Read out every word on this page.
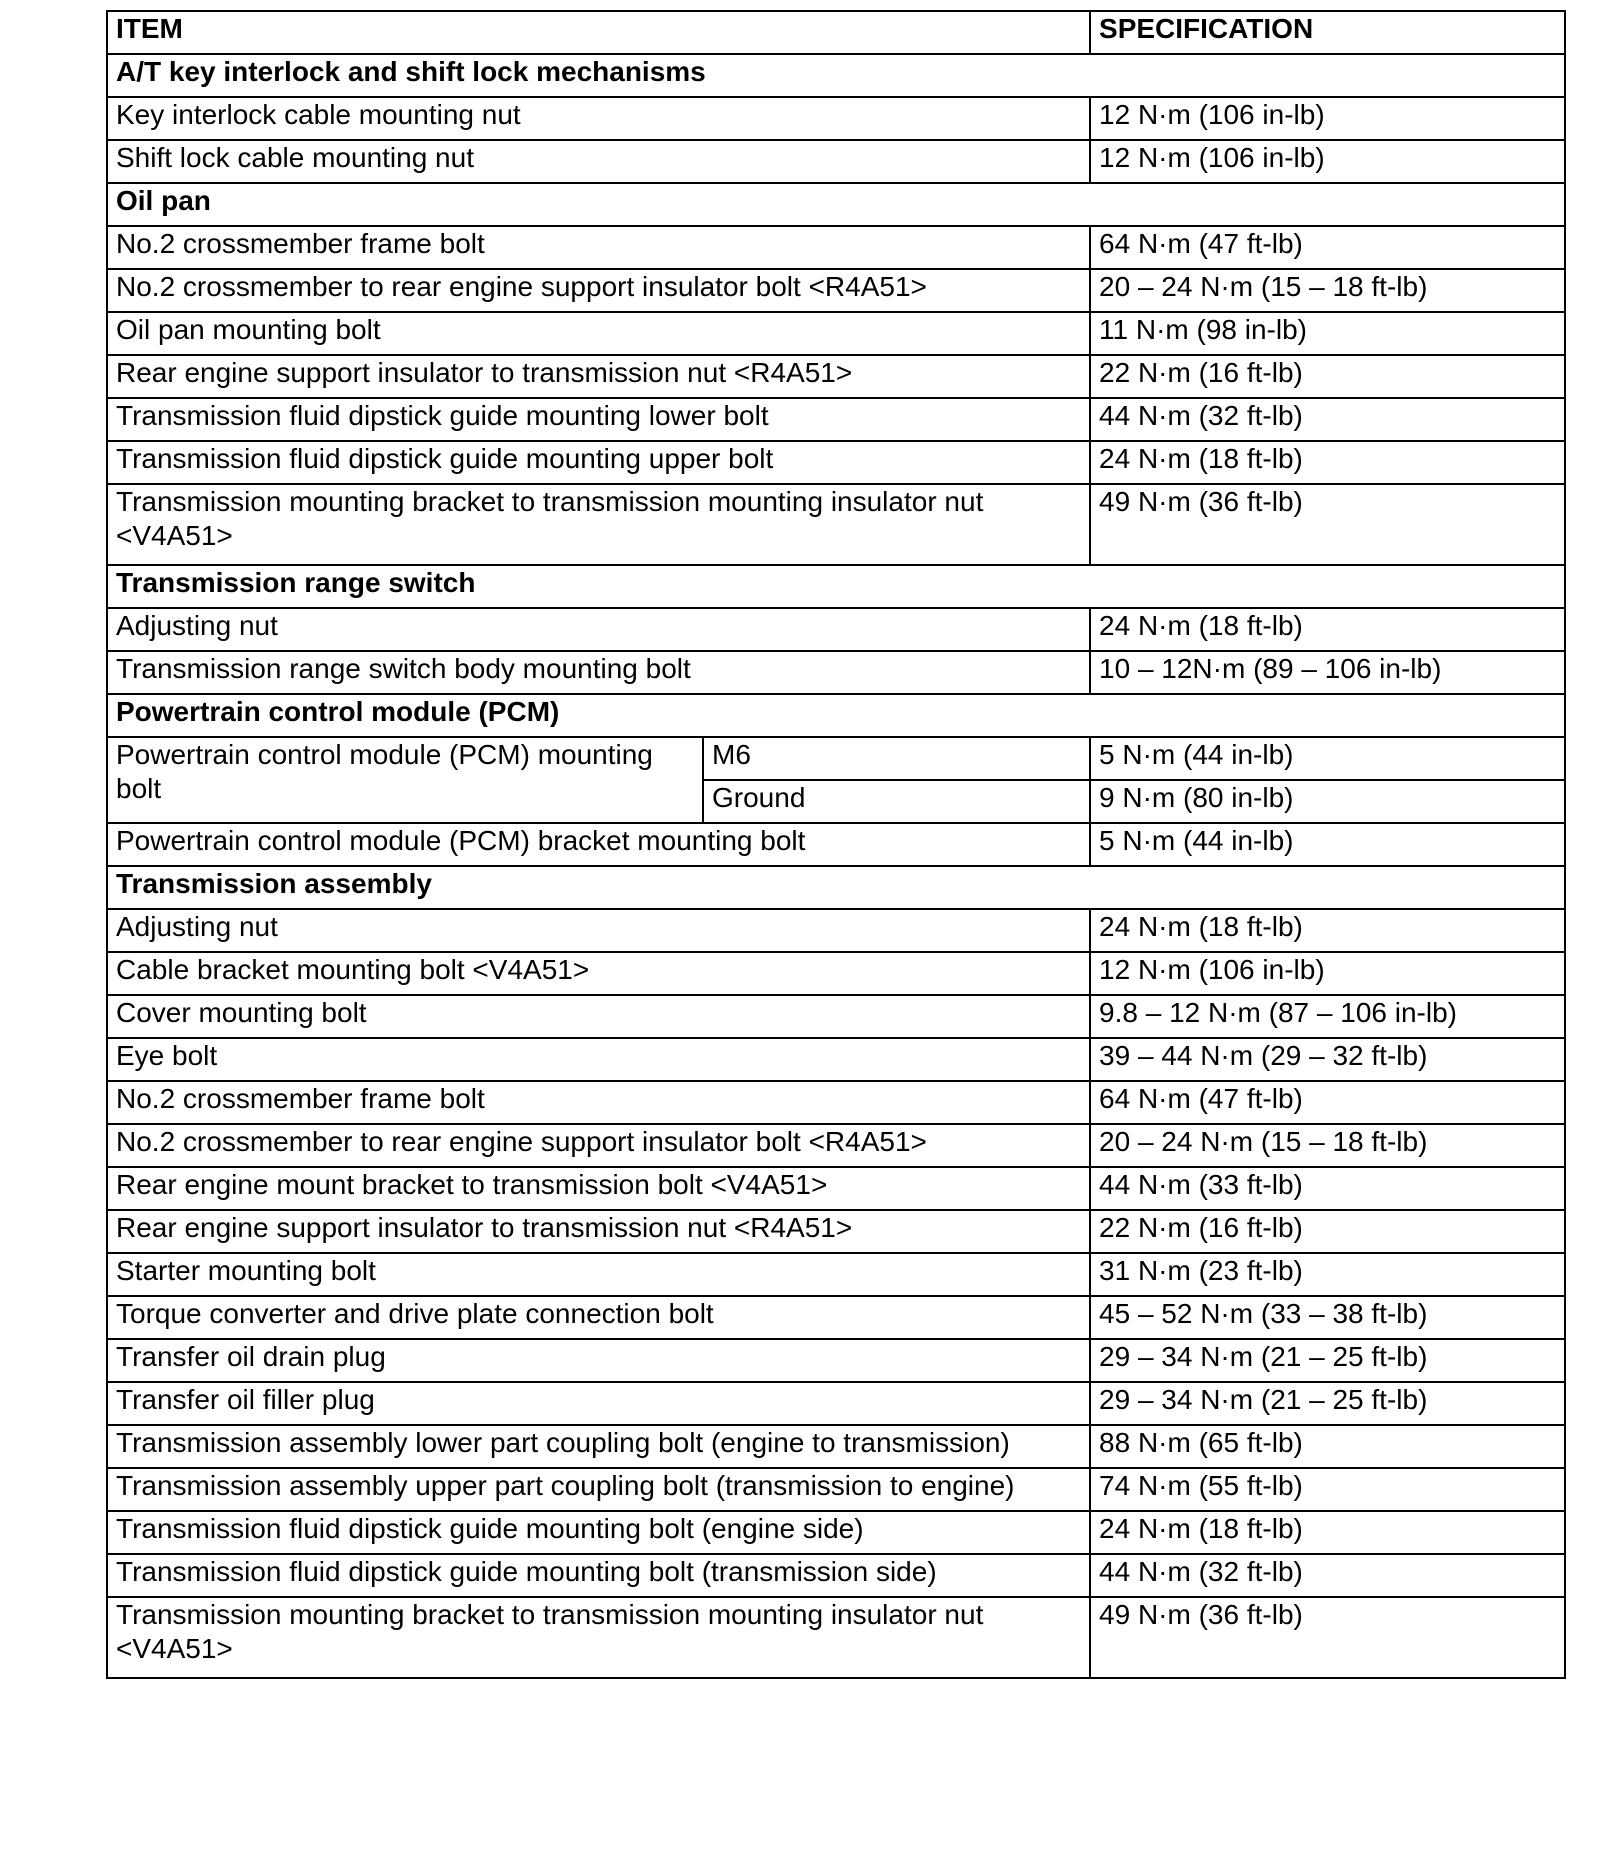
ITEM		SPECIFICATION
A/T key interlock and shift lock mechanisms		
Key interlock cable mounting nut		12 N·m (106 in-lb)
Shift lock cable mounting nut		12 N·m (106 in-lb)
Oil pan		
No.2 crossmember frame bolt		64 N·m (47 ft-lb)
No.2 crossmember to rear engine support insulator bolt <R4A51>		20 – 24 N·m (15 – 18 ft-lb)
Oil pan mounting bolt		11 N·m (98 in-lb)
Rear engine support insulator to transmission nut <R4A51>		22 N·m (16 ft-lb)
Transmission fluid dipstick guide mounting lower bolt		44 N·m (32 ft-lb)
Transmission fluid dipstick guide mounting upper bolt		24 N·m (18 ft-lb)
Transmission mounting bracket to transmission mounting insulator nut <V4A51>		49 N·m (36 ft-lb)
Transmission range switch		
Adjusting nut		24 N·m (18 ft-lb)
Transmission range switch body mounting bolt		10 – 12N·m (89 – 106 in-lb)
Powertrain control module (PCM)		
Powertrain control module (PCM) mounting bolt	M6	5 N·m (44 in-lb)
	Ground	9 N·m (80 in-lb)
Powertrain control module (PCM) bracket mounting bolt		5 N·m (44 in-lb)
Transmission assembly		
Adjusting nut		24 N·m (18 ft-lb)
Cable bracket mounting bolt <V4A51>		12 N·m (106 in-lb)
Cover mounting bolt		9.8 – 12 N·m (87 – 106 in-lb)
Eye bolt		39 – 44 N·m (29 – 32 ft-lb)
No.2 crossmember frame bolt		64 N·m (47 ft-lb)
No.2 crossmember to rear engine support insulator bolt <R4A51>		20 – 24 N·m (15 – 18 ft-lb)
Rear engine mount bracket to transmission bolt <V4A51>		44 N·m (33 ft-lb)
Rear engine support insulator to transmission nut <R4A51>		22 N·m (16 ft-lb)
Starter mounting bolt		31 N·m (23 ft-lb)
Torque converter and drive plate connection bolt		45 – 52 N·m (33 – 38 ft-lb)
Transfer oil drain plug		29 – 34 N·m (21 – 25 ft-lb)
Transfer oil filler plug		29 – 34 N·m (21 – 25 ft-lb)
Transmission assembly lower part coupling bolt (engine to transmission)		88 N·m (65 ft-lb)
Transmission assembly upper part coupling bolt (transmission to engine)		74 N·m (55 ft-lb)
Transmission fluid dipstick guide mounting bolt (engine side)		24 N·m (18 ft-lb)
Transmission fluid dipstick guide mounting bolt (transmission side)		44 N·m (32 ft-lb)
Transmission mounting bracket to transmission mounting insulator nut <V4A51>		49 N·m (36 ft-lb)
